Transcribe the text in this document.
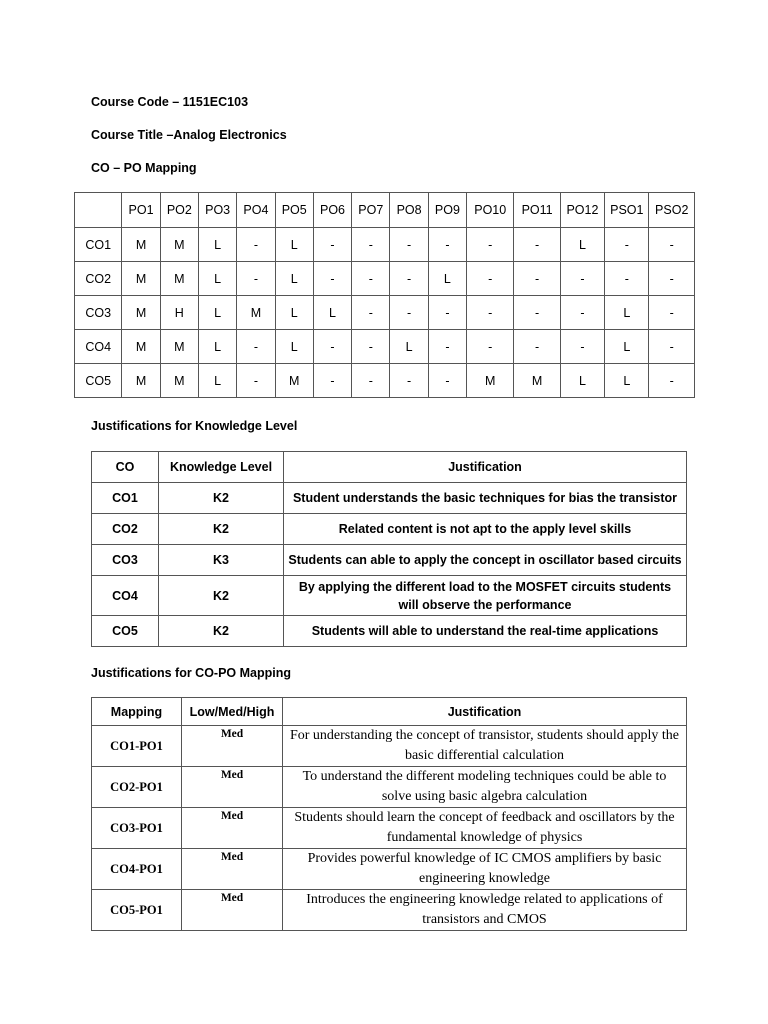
Course Code – 1151EC103
Course Title –Analog Electronics
CO – PO Mapping
	PO1	PO2	PO3	PO4	PO5	PO6	PO7	PO8	PO9	PO10	PO11	PO12	PSO1	PSO2
CO1	M	M	L	-	L	-	-	-	-	-	-	L	-	-
CO2	M	M	L	-	L	-	-	-	L	-	-	-	-	-
CO3	M	H	L	M	L	L	-	-	-	-	-	-	L	-
CO4	M	M	L	-	L	-	-	L	-	-	-	-	L	-
CO5	M	M	L	-	M	-	-	-	-	M	M	L	L	-
Justifications for Knowledge Level
CO	Knowledge Level	Justification
CO1	K2	Student understands the basic techniques for bias the transistor
CO2	K2	Related content is not apt to the apply level skills
CO3	K3	Students can able to apply the concept in oscillator based circuits
CO4	K2	By applying the different load to the MOSFET circuits students will observe the performance
CO5	K2	Students will able to understand the real-time applications
Justifications for CO-PO Mapping
Mapping	Low/Med/High	Justification
CO1-PO1	Med	For understanding the concept of transistor, students should apply the basic differential calculation
CO2-PO1	Med	To understand the different modeling techniques could be able to solve using basic algebra calculation
CO3-PO1	Med	Students should learn the concept of feedback and oscillators by the fundamental knowledge of physics
CO4-PO1	Med	Provides powerful knowledge of IC CMOS amplifiers by basic engineering knowledge
CO5-PO1	Med	Introduces the engineering knowledge related to applications of transistors and CMOS
